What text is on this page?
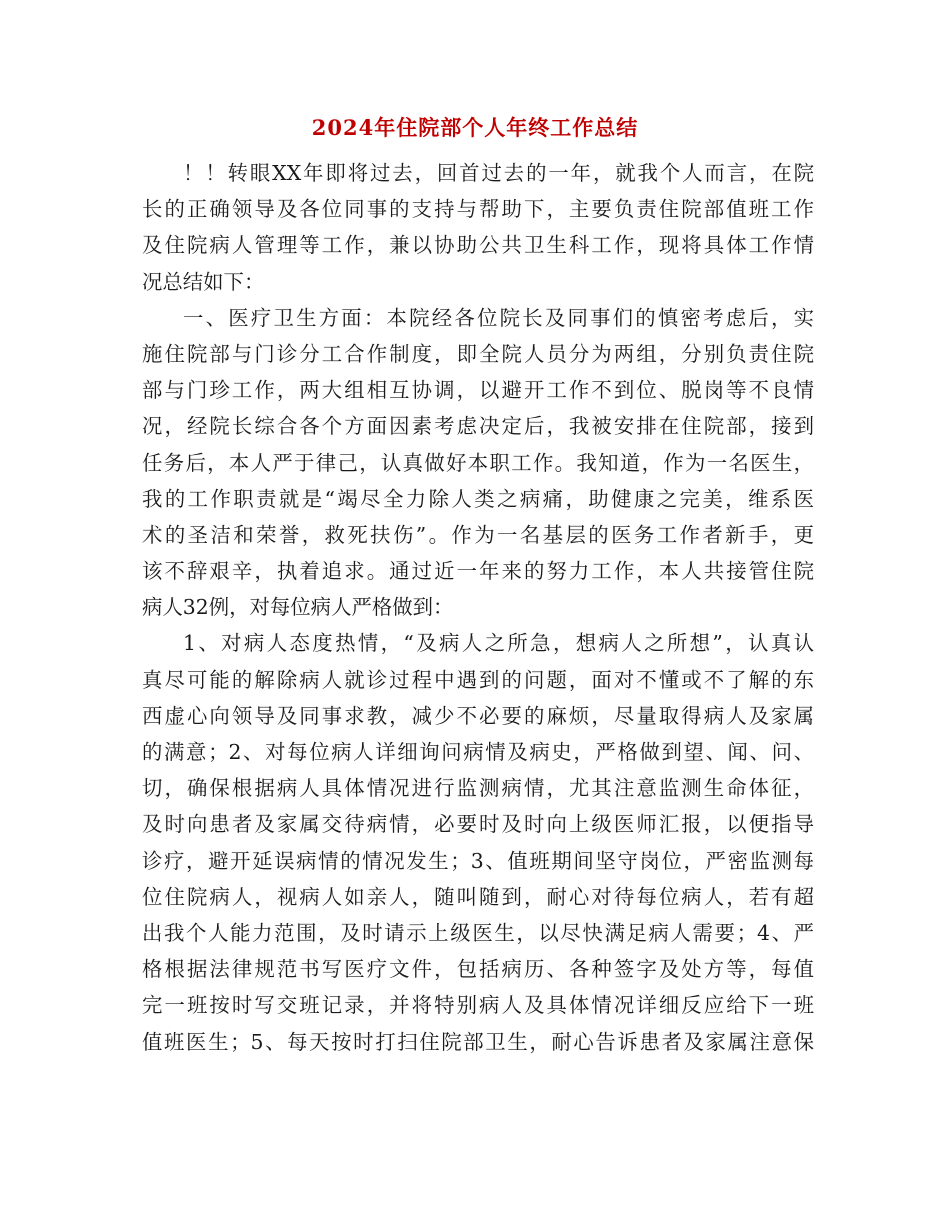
2024年住院部个人年终工作总结
！！转眼XX年即将过去，回首过去的一年，就我个人而言，在院
长的正确领导及各位同事的支持与帮助下，主要负责住院部值班工作
及住院病人管理等工作，兼以协助公共卫生科工作，现将具体工作情
况总结如下：
一、医疗卫生方面：本院经各位院长及同事们的慎密考虑后，实
施住院部与门诊分工合作制度，即全院人员分为两组，分别负责住院
部与门珍工作，两大组相互协调，以避开工作不到位、脱岗等不良情
况，经院长综合各个方面因素考虑决定后，我被安排在住院部，接到
任务后，本人严于律己，认真做好本职工作。我知道，作为一名医生，
我的工作职责就是“竭尽全力除人类之病痛，助健康之完美，维系医
术的圣洁和荣誉，救死扶伤”。作为一名基层的医务工作者新手，更
该不辞艰辛，执着追求。通过近一年来的努力工作，本人共接管住院
病人32例，对每位病人严格做到：
1、对病人态度热情，“及病人之所急，想病人之所想”，认真认
真尽可能的解除病人就诊过程中遇到的问题，面对不懂或不了解的东
西虚心向领导及同事求教，减少不必要的麻烦，尽量取得病人及家属
的满意；2、对每位病人详细询问病情及病史，严格做到望、闻、问、
切，确保根据病人具体情况进行监测病情，尤其注意监测生命体征，
及时向患者及家属交待病情，必要时及时向上级医师汇报，以便指导
诊疗，避开延误病情的情况发生；3、值班期间坚守岗位，严密监测每
位住院病人，视病人如亲人，随叫随到，耐心对待每位病人，若有超
出我个人能力范围，及时请示上级医生，以尽快满足病人需要；4、严
格根据法律规范书写医疗文件，包括病历、各种签字及处方等，每值
完一班按时写交班记录，并将特别病人及具体情况详细反应给下一班
值班医生；5、每天按时打扫住院部卫生，耐心告诉患者及家属注意保
